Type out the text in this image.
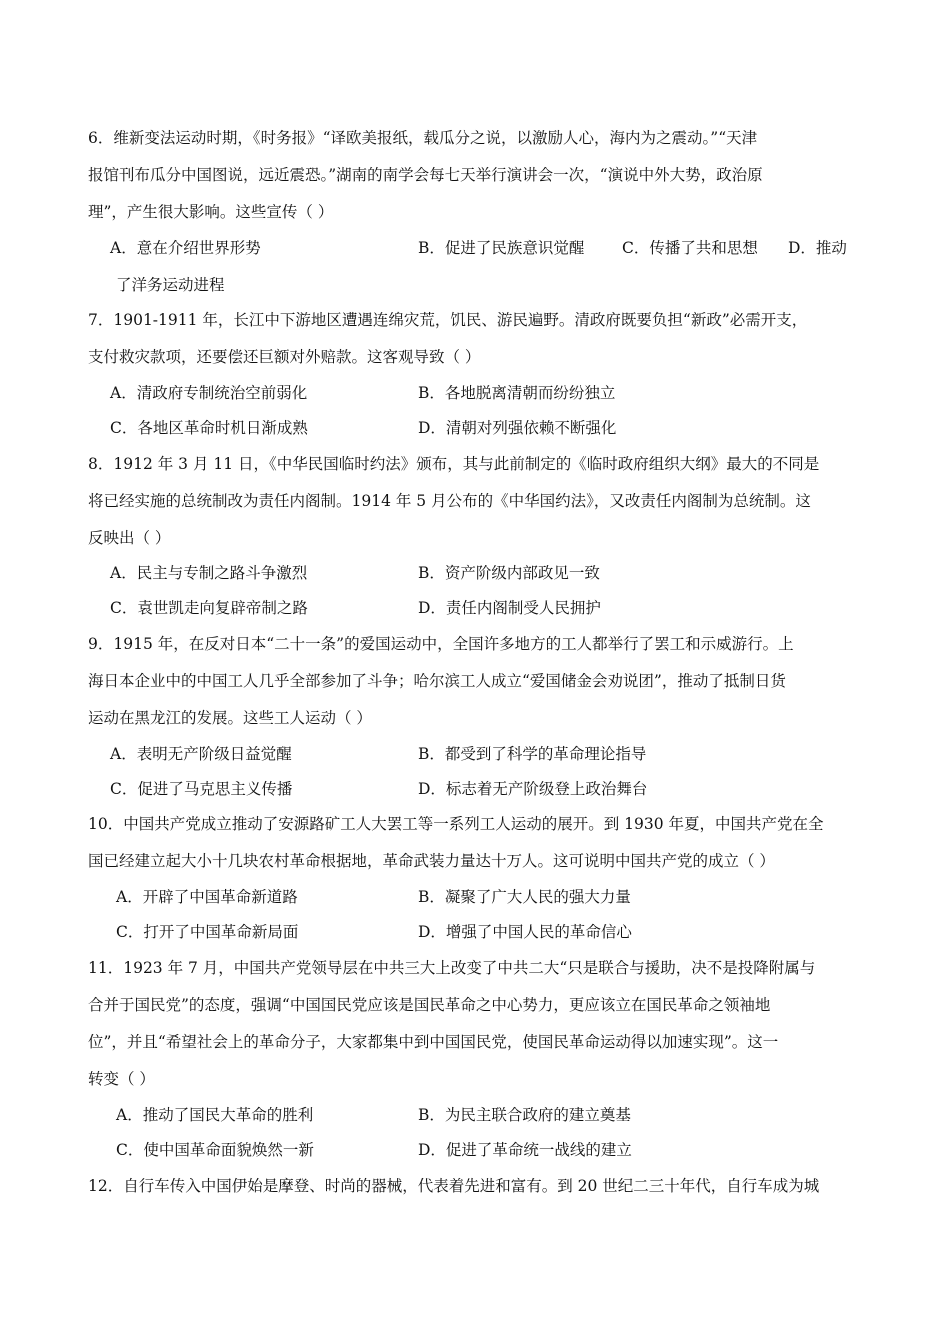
6．维新变法运动时期，《时务报》“译欧美报纸，载瓜分之说，以激励人心，海内为之震动。”“天津
报馆刊布瓜分中国图说，远近震恐。”湖南的南学会每七天举行演讲会一次，“演说中外大势，政治原
理”，产生很大影响。这些宣传（ ）
A．意在介绍世界形势	B．促进了民族意识觉醒 C．传播了共和思想 D．推动
了洋务运动进程
7．1901-1911 年，长江中下游地区遭遇连绵灾荒，饥民、游民遍野。清政府既要负担“新政”必需开支，
支付救灾款项，还要偿还巨额对外赔款。这客观导致（ ）
A．清政府专制统治空前弱化	B．各地脱离清朝而纷纷独立
C．各地区革命时机日渐成熟	D．清朝对列强依赖不断强化
8．1912 年 3 月 11 日，《中华民国临时约法》颁布，其与此前制定的《临时政府组织大纲》最大的不同是
将已经实施的总统制改为责任内阁制。1914 年 5 月公布的《中华国约法》，又改责任内阁制为总统制。这
反映出（ ）
A．民主与专制之路斗争激烈	B．资产阶级内部政见一致
C．袁世凯走向复辟帝制之路	D．责任内阁制受人民拥护
9．1915 年，在反对日本“二十一条”的爱国运动中，全国许多地方的工人都举行了罢工和示威游行。上
海日本企业中的中国工人几乎全部参加了斗争；哈尔滨工人成立“爱国储金会劝说团”，推动了抵制日货
运动在黑龙江的发展。这些工人运动（ ）
A．表明无产阶级日益觉醒	B．都受到了科学的革命理论指导
C．促进了马克思主义传播	D．标志着无产阶级登上政治舞台
10．中国共产党成立推动了安源路矿工人大罢工等一系列工人运动的展开。到 1930 年夏，中国共产党在全
国已经建立起大小十几块农村革命根据地，革命武装力量达十万人。这可说明中国共产党的成立（ ）
A．开辟了中国革命新道路	B．凝聚了广大人民的强大力量
C．打开了中国革命新局面	D．增强了中国人民的革命信心
11．1923 年 7 月，中国共产党领导层在中共三大上改变了中共二大“只是联合与援助，决不是投降附属与
合并于国民党”的态度，强调“中国国民党应该是国民革命之中心势力，更应该立在国民革命之领袖地
位”，并且“希望社会上的革命分子，大家都集中到中国国民党，使国民革命运动得以加速实现”。这一
转变（ ）
A．推动了国民大革命的胜利	B．为民主联合政府的建立奠基
C．使中国革命面貌焕然一新	D．促进了革命统一战线的建立
12．自行车传入中国伊始是摩登、时尚的器械，代表着先进和富有。到 20 世纪二三十年代，自行车成为城
